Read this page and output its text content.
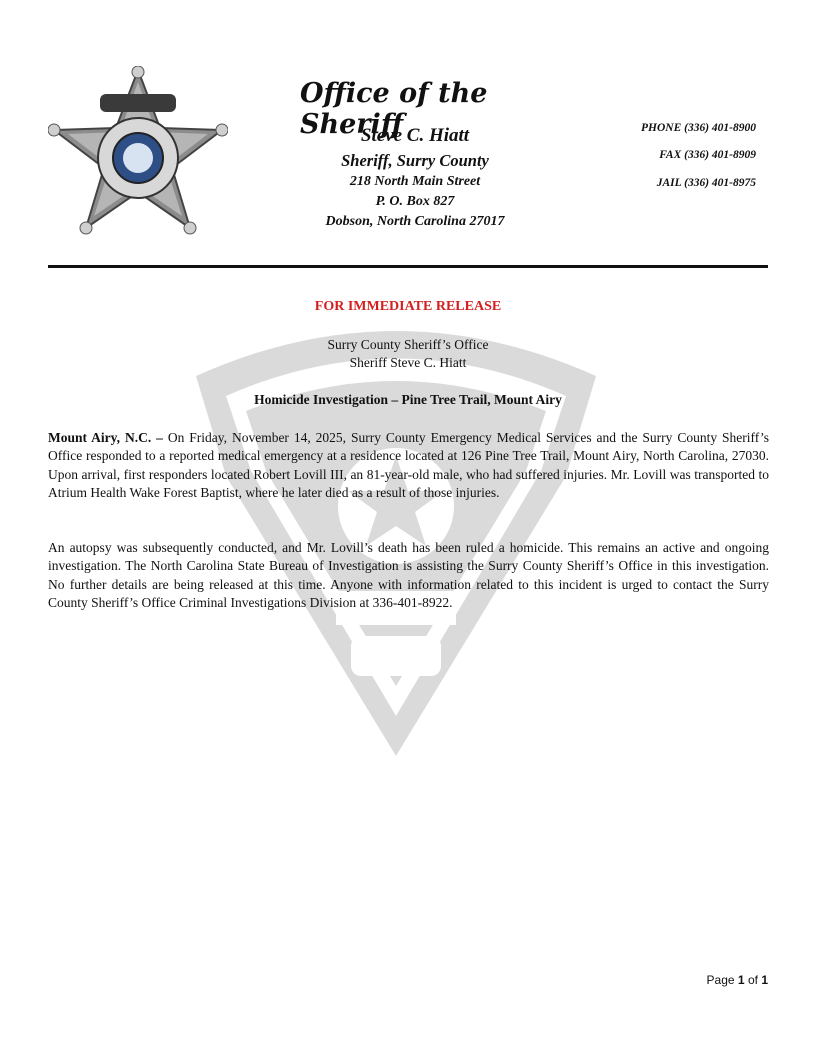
Office of the Sheriff
Steve C. Hiatt
Sheriff, Surry County
218 North Main Street
P. O. Box 827
Dobson, North Carolina 27017
PHONE (336) 401-8900
FAX (336) 401-8909
JAIL (336) 401-8975
FOR IMMEDIATE RELEASE
Surry County Sheriff’s Office
Sheriff Steve C. Hiatt
Homicide Investigation – Pine Tree Trail, Mount Airy
Mount Airy, N.C. – On Friday, November 14, 2025, Surry County Emergency Medical Services and the Surry County Sheriff’s Office responded to a reported medical emergency at a residence located at 126 Pine Tree Trail, Mount Airy, North Carolina, 27030. Upon arrival, first responders located Robert Lovill III, an 81-year-old male, who had suffered injuries. Mr. Lovill was transported to Atrium Health Wake Forest Baptist, where he later died as a result of those injuries.
An autopsy was subsequently conducted, and Mr. Lovill’s death has been ruled a homicide. This remains an active and ongoing investigation. The North Carolina State Bureau of Investigation is assisting the Surry County Sheriff’s Office in this investigation. No further details are being released at this time. Anyone with information related to this incident is urged to contact the Surry County Sheriff’s Office Criminal Investigations Division at 336-401-8922.
Page 1 of 1
